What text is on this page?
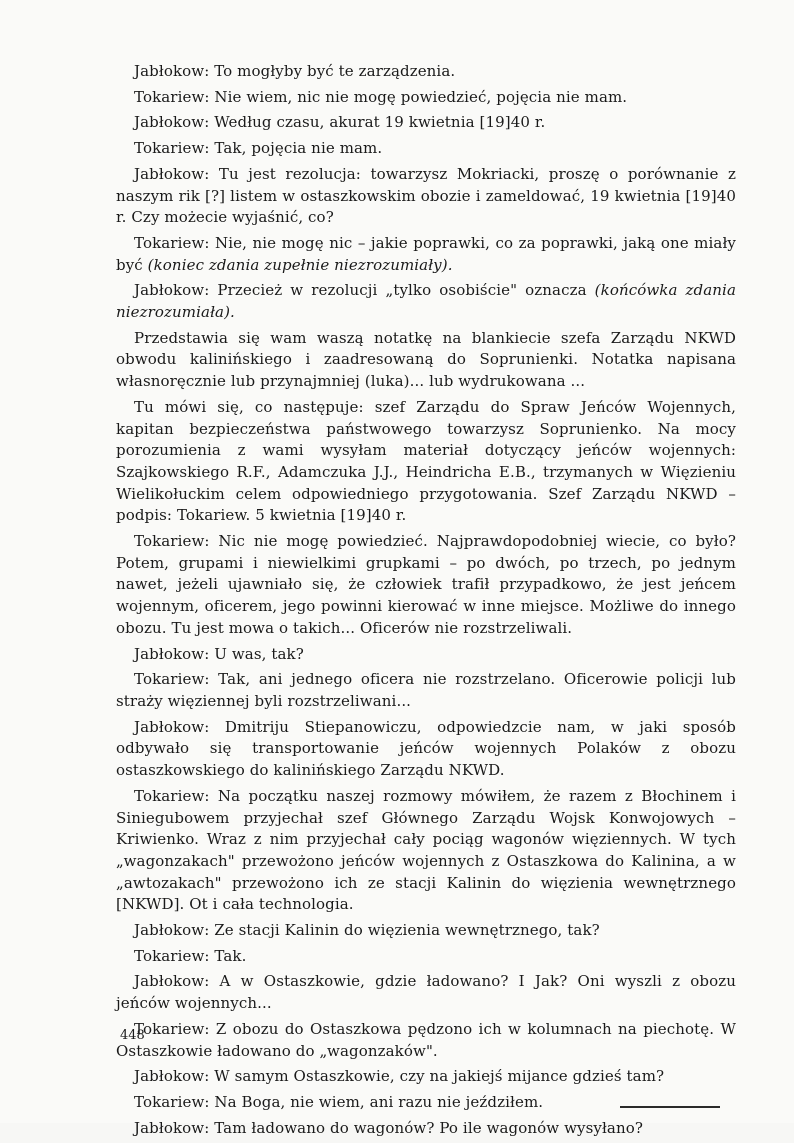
Jabłokow: To mogłyby być te zarządzenia.

Tokariew: Nie wiem, nic nie mogę powiedzieć, pojęcia nie mam.

Jabłokow: Według czasu, akurat 19 kwietnia [19]40 r.

Tokariew: Tak, pojęcia nie mam.

Jabłokow: Tu jest rezolucja: towarzysz Mokriacki, proszę o porównanie z naszym rik [?] listem w ostaszkowskim obozie i zameldować, 19 kwietnia [19]40 r. Czy możecie wyjaśnić, co?

Tokariew: Nie, nie mogę nic – jakie poprawki, co za poprawki, jaką one miały być (koniec zdania zupełnie niezrozumiały).

Jabłokow: Przecież w rezolucji „tylko osobiście" oznacza (końcówka zdania niezrozumiała).

Przedstawia się wam waszą notatkę na blankiecie szefa Zarządu NKWD obwodu kalinińskiego i zaadresowaną do Soprunienki. Notatka napisana własnoręcznie lub przynajmniej (luka)... lub wydrukowana ...

Tu mówi się, co następuje: szef Zarządu do Spraw Jeńców Wojennych, kapitan bezpieczeństwa państwowego towarzysz Soprunienko. Na mocy porozumienia z wami wysyłam materiał dotyczący jeńców wojennych: Szajkowskiego R.F., Adamczuka J.J., Heindricha E.B., trzymanych w Więzieniu Wielikołuckim celem odpowiedniego przygotowania. Szef Zarządu NKWD – podpis: Tokariew. 5 kwietnia [19]40 r.

Tokariew: Nic nie mogę powiedzieć. Najprawdopodobniej wiecie, co było? Potem, grupami i niewielkimi grupkami – po dwóch, po trzech, po jednym nawet, jeżeli ujawniało się, że człowiek trafił przypadkowo, że jest jeńcem wojennym, oficerem, jego powinni kierować w inne miejsce. Możliwe do innego obozu. Tu jest mowa o takich... Oficerów nie rozstrzeliwali.

Jabłokow: U was, tak?

Tokariew: Tak, ani jednego oficera nie rozstrzelano. Oficerowie policji lub straży więziennej byli rozstrzeliwani...

Jabłokow: Dmitriju Stiepanowiczu, odpowiedzcie nam, w jaki sposób odbywało się transportowanie jeńców wojennych Polaków z obozu ostaszkowskiego do kalinińskiego Zarządu NKWD.

Tokariew: Na początku naszej rozmowy mówiłem, że razem z Błochinem i Siniegubowem przyjechał szef Głównego Zarządu Wojsk Konwojowych – Kriwienko. Wraz z nim przyjechał cały pociąg wagonów więziennych. W tych „wagonzakach" przewożono jeńców wojennych z Ostaszkowa do Kalinina, a w „awtozakach" przewożono ich ze stacji Kalinin do więzienia wewnętrznego [NKWD]. Ot i cała technologia.

Jabłokow: Ze stacji Kalinin do więzienia wewnętrznego, tak?

Tokariew: Tak.

Jabłokow: A w Ostaszkowie, gdzie ładowano? I Jak? Oni wyszli z obozu jeńców wojennych...

Tokariew: Z obozu do Ostaszkowa pędzono ich w kolumnach na piechotę. W Ostaszkowie ładowano do „wagonzaków".

Jabłokow: W samym Ostaszkowie, czy na jakiejś mijance gdzieś tam?

Tokariew: Na Boga, nie wiem, ani razu nie jeździłem.

Jabłokow: Tam ładowano do wagonów? Po ile wagonów wysyłano?

448
